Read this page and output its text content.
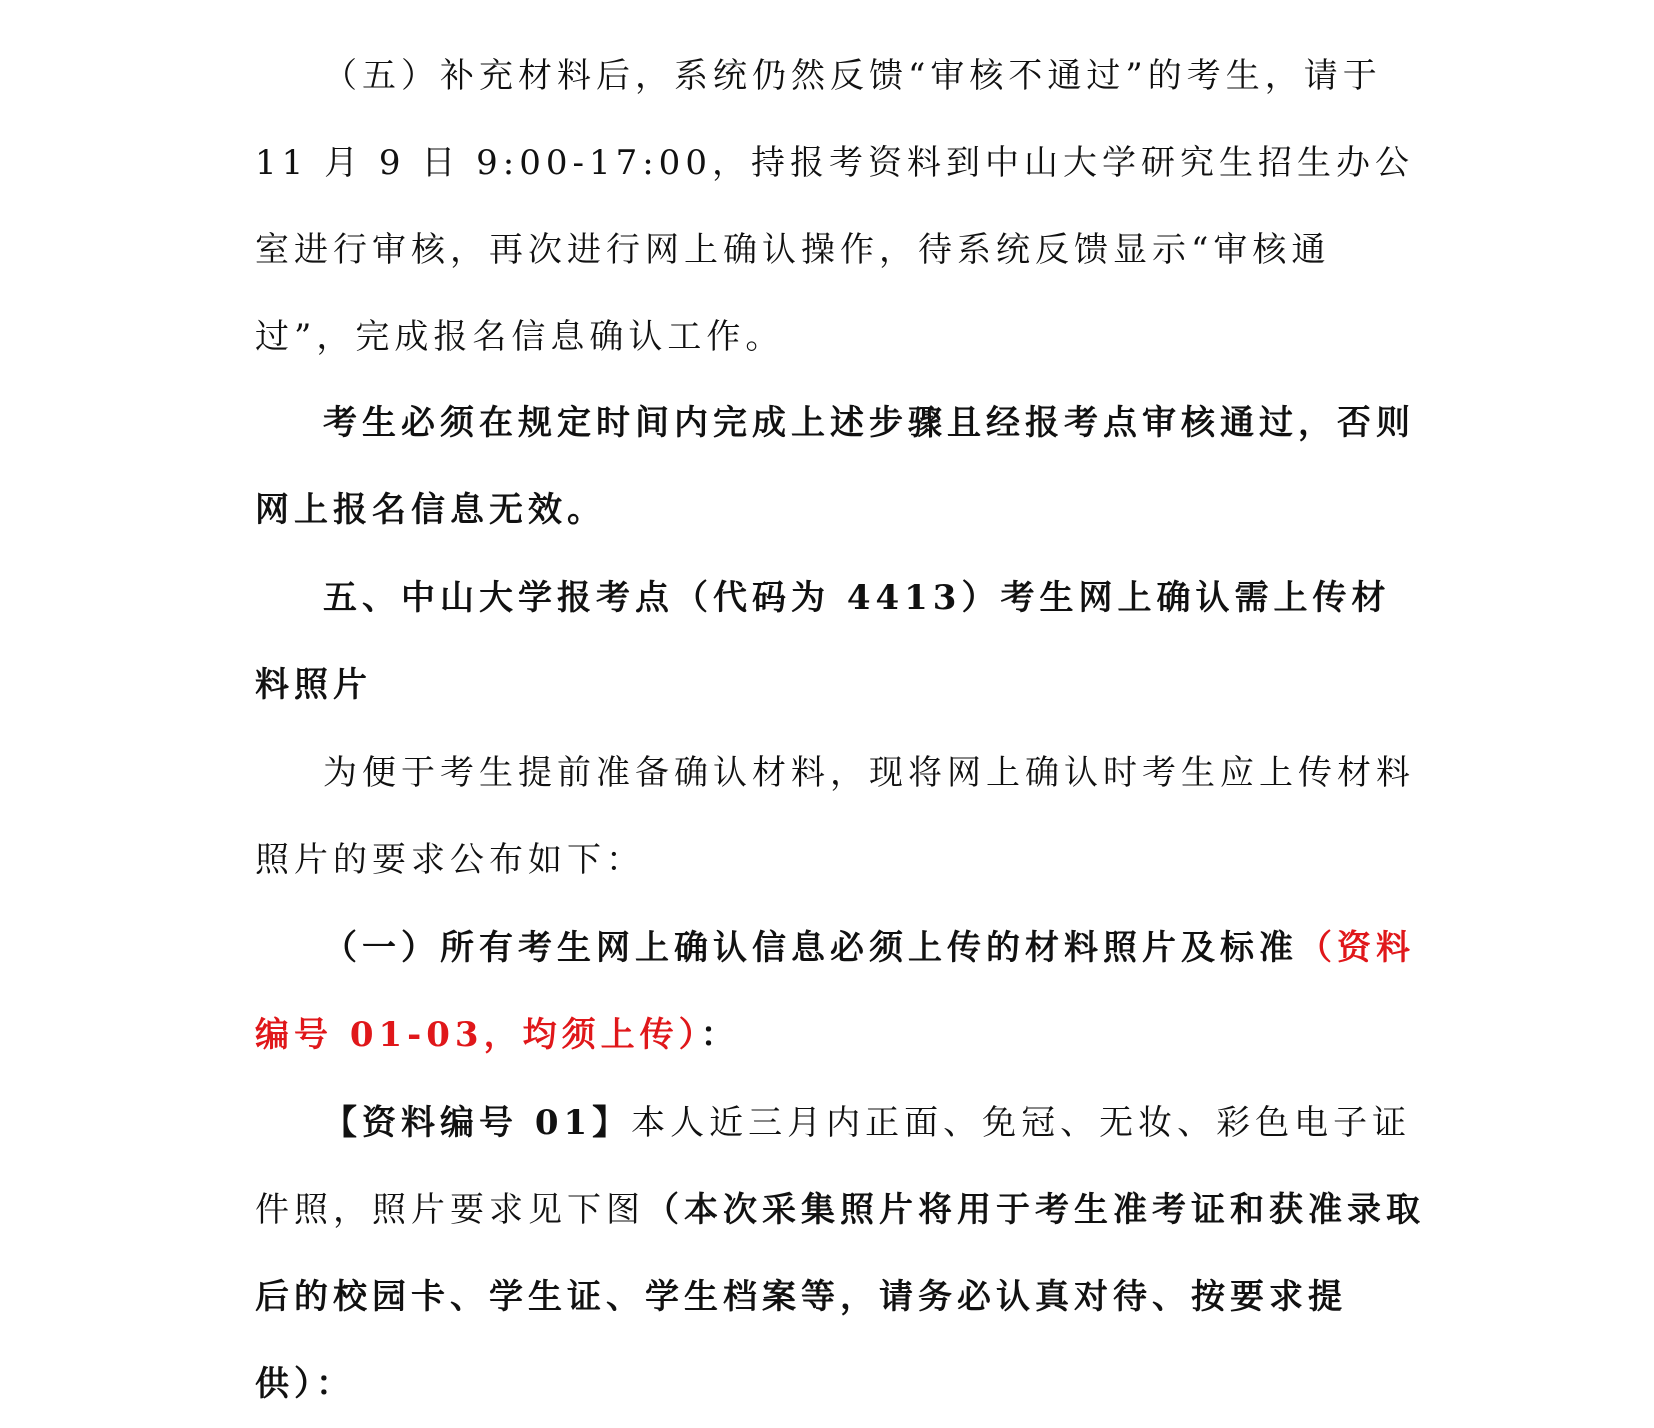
（五）补充材料后，系统仍然反馈“审核不通过”的考生，请于 11 月 9 日 9:00-17:00，持报考资料到中山大学研究生招生办公室进行审核，再次进行网上确认操作，待系统反馈显示“审核通过”，完成报名信息确认工作。

考生必须在规定时间内完成上述步骤且经报考点审核通过，否则网上报名信息无效。

五、中山大学报考点（代码为 4413）考生网上确认需上传材料照片

为便于考生提前准备确认材料，现将网上确认时考生应上传材料照片的要求公布如下：

（一）所有考生网上确认信息必须上传的材料照片及标准（资料编号 01-03，均须上传）：

【资料编号 01】本人近三月内正面、免冠、无妆、彩色电子证件照，照片要求见下图（本次采集照片将用于考生准考证和获准录取后的校园卡、学生证、学生档案等，请务必认真对待、按要求提供）：
